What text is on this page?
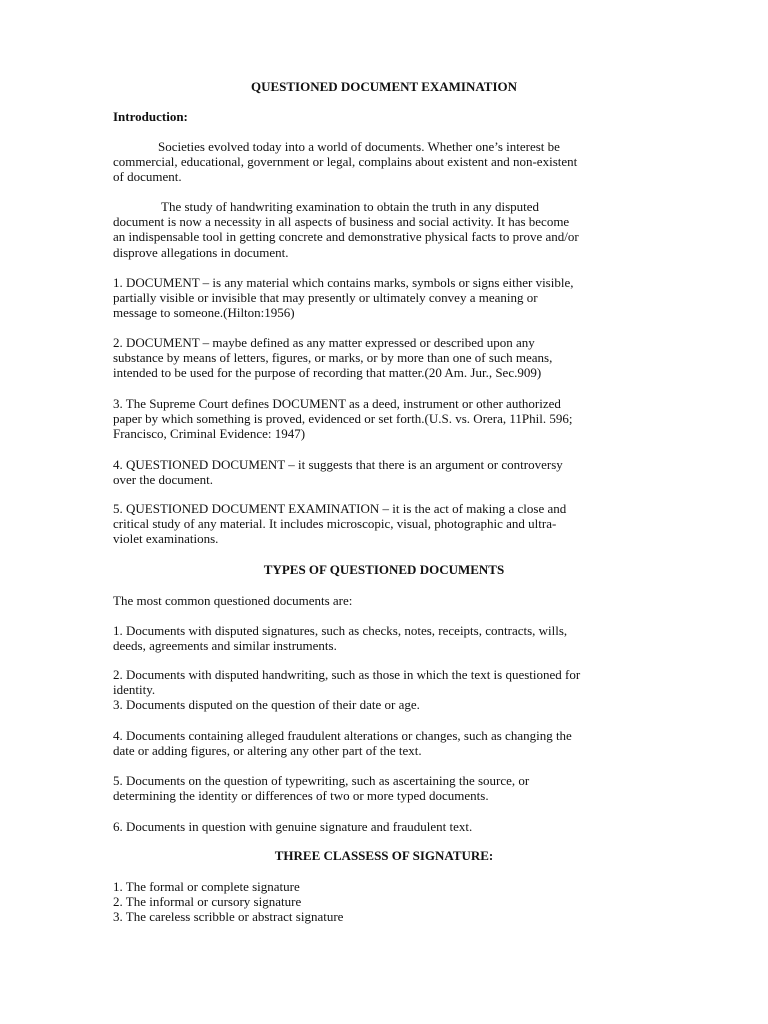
QUESTIONED DOCUMENT EXAMINATION

Introduction:

Societies evolved today into a world of documents. Whether one’s interest be
commercial, educational, government or legal, complains about existent and non-existent
of document.

The study of handwriting examination to obtain the truth in any disputed
document is now a necessity in all aspects of business and social activity. It has become
an indispensable tool in getting concrete and demonstrative physical facts to prove and/or
disprove allegations in document.

1. DOCUMENT – is any material which contains marks, symbols or signs either visible,
partially visible or invisible that may presently or ultimately convey a meaning or
message to someone.(Hilton:1956)

2. DOCUMENT – maybe defined as any matter expressed or described upon any
substance by means of letters, figures, or marks, or by more than one of such means,
intended to be used for the purpose of recording that matter.(20 Am. Jur., Sec.909)

3. The Supreme Court defines DOCUMENT as a deed, instrument or other authorized
paper by which something is proved, evidenced or set forth.(U.S. vs. Orera, 11Phil. 596;
Francisco, Criminal Evidence: 1947)

4. QUESTIONED DOCUMENT – it suggests that there is an argument or controversy
over the document.

5. QUESTIONED DOCUMENT EXAMINATION – it is the act of making a close and
critical study of any material. It includes microscopic, visual, photographic and ultra-
violet examinations.

TYPES OF QUESTIONED DOCUMENTS

The most common questioned documents are:

1. Documents with disputed signatures, such as checks, notes, receipts, contracts, wills,
deeds, agreements and similar instruments.

2. Documents with disputed handwriting, such as those in which the text is questioned for
identity.
3. Documents disputed on the question of their date or age.

4. Documents containing alleged fraudulent alterations or changes, such as changing the
date or adding figures, or altering any other part of the text.

5. Documents on the question of typewriting, such as ascertaining the source, or
determining the identity or differences of two or more typed documents.

6. Documents in question with genuine signature and fraudulent text.

THREE CLASSESS OF SIGNATURE:

1. The formal or complete signature
2. The informal or cursory signature
3. The careless scribble or abstract signature
